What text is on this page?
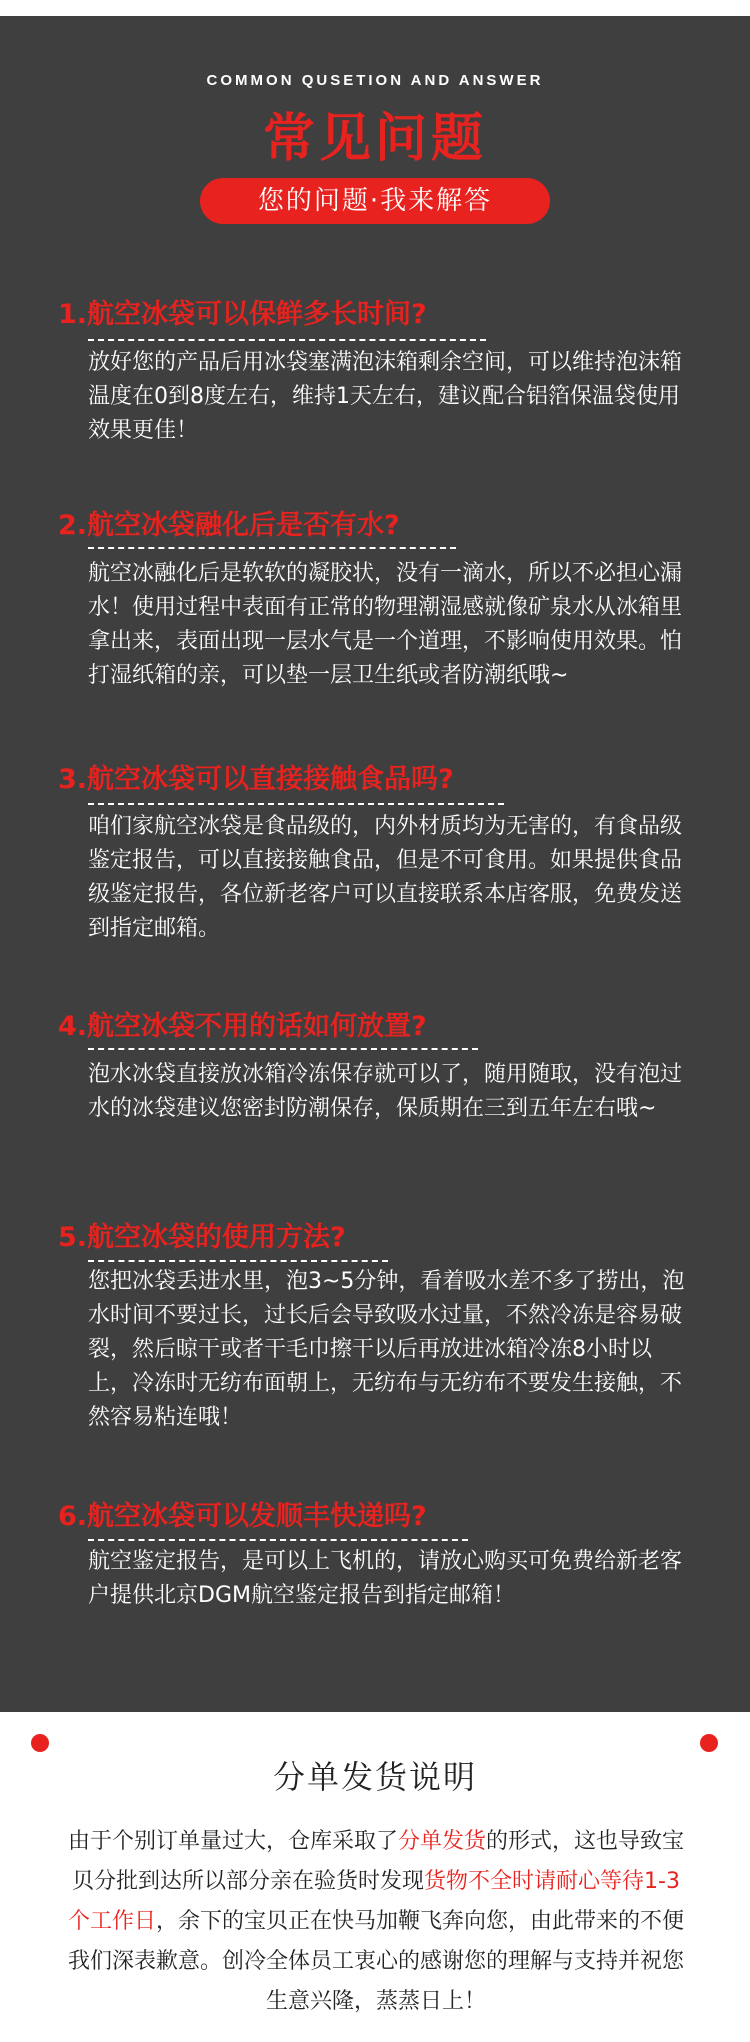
COMMON QUSETION AND ANSWER
常见问题
您的问题·我来解答
1.航空冰袋可以保鲜多长时间?
放好您的产品后用冰袋塞满泡沫箱剩余空间，可以维持泡沫箱温度在0到8度左右，维持1天左右，建议配合铝箔保温袋使用效果更佳！
2.航空冰袋融化后是否有水?
航空冰融化后是软软的凝胶状，没有一滴水，所以不必担心漏水！使用过程中表面有正常的物理潮湿感就像矿泉水从冰箱里拿出来，表面出现一层水气是一个道理，不影响使用效果。怕打湿纸箱的亲，可以垫一层卫生纸或者防潮纸哦~
3.航空冰袋可以直接接触食品吗?
咱们家航空冰袋是食品级的，内外材质均为无害的，有食品级鉴定报告，可以直接接触食品，但是不可食用。如果提供食品级鉴定报告，各位新老客户可以直接联系本店客服，免费发送到指定邮箱。
4.航空冰袋不用的话如何放置?
泡水冰袋直接放冰箱冷冻保存就可以了，随用随取，没有泡过水的冰袋建议您密封防潮保存，保质期在三到五年左右哦~
5.航空冰袋的使用方法?
您把冰袋丢进水里，泡3~5分钟，看着吸水差不多了捞出，泡水时间不要过长，过长后会导致吸水过量，不然冷冻是容易破裂，然后晾干或者干毛巾擦干以后再放进冰箱冷冻8小时以上，冷冻时无纺布面朝上，无纺布与无纺布不要发生接触，不然容易粘连哦！
6.航空冰袋可以发顺丰快递吗?
航空鉴定报告，是可以上飞机的，请放心购买可免费给新老客户提供北京DGM航空鉴定报告到指定邮箱！
分单发货说明
由于个别订单量过大，仓库采取了分单发货的形式，这也导致宝贝分批到达所以部分亲在验货时发现货物不全时请耐心等待1-3个工作日，余下的宝贝正在快马加鞭飞奔向您，由此带来的不便我们深表歉意。创冷全体员工衷心的感谢您的理解与支持并祝您生意兴隆，蒸蒸日上！
